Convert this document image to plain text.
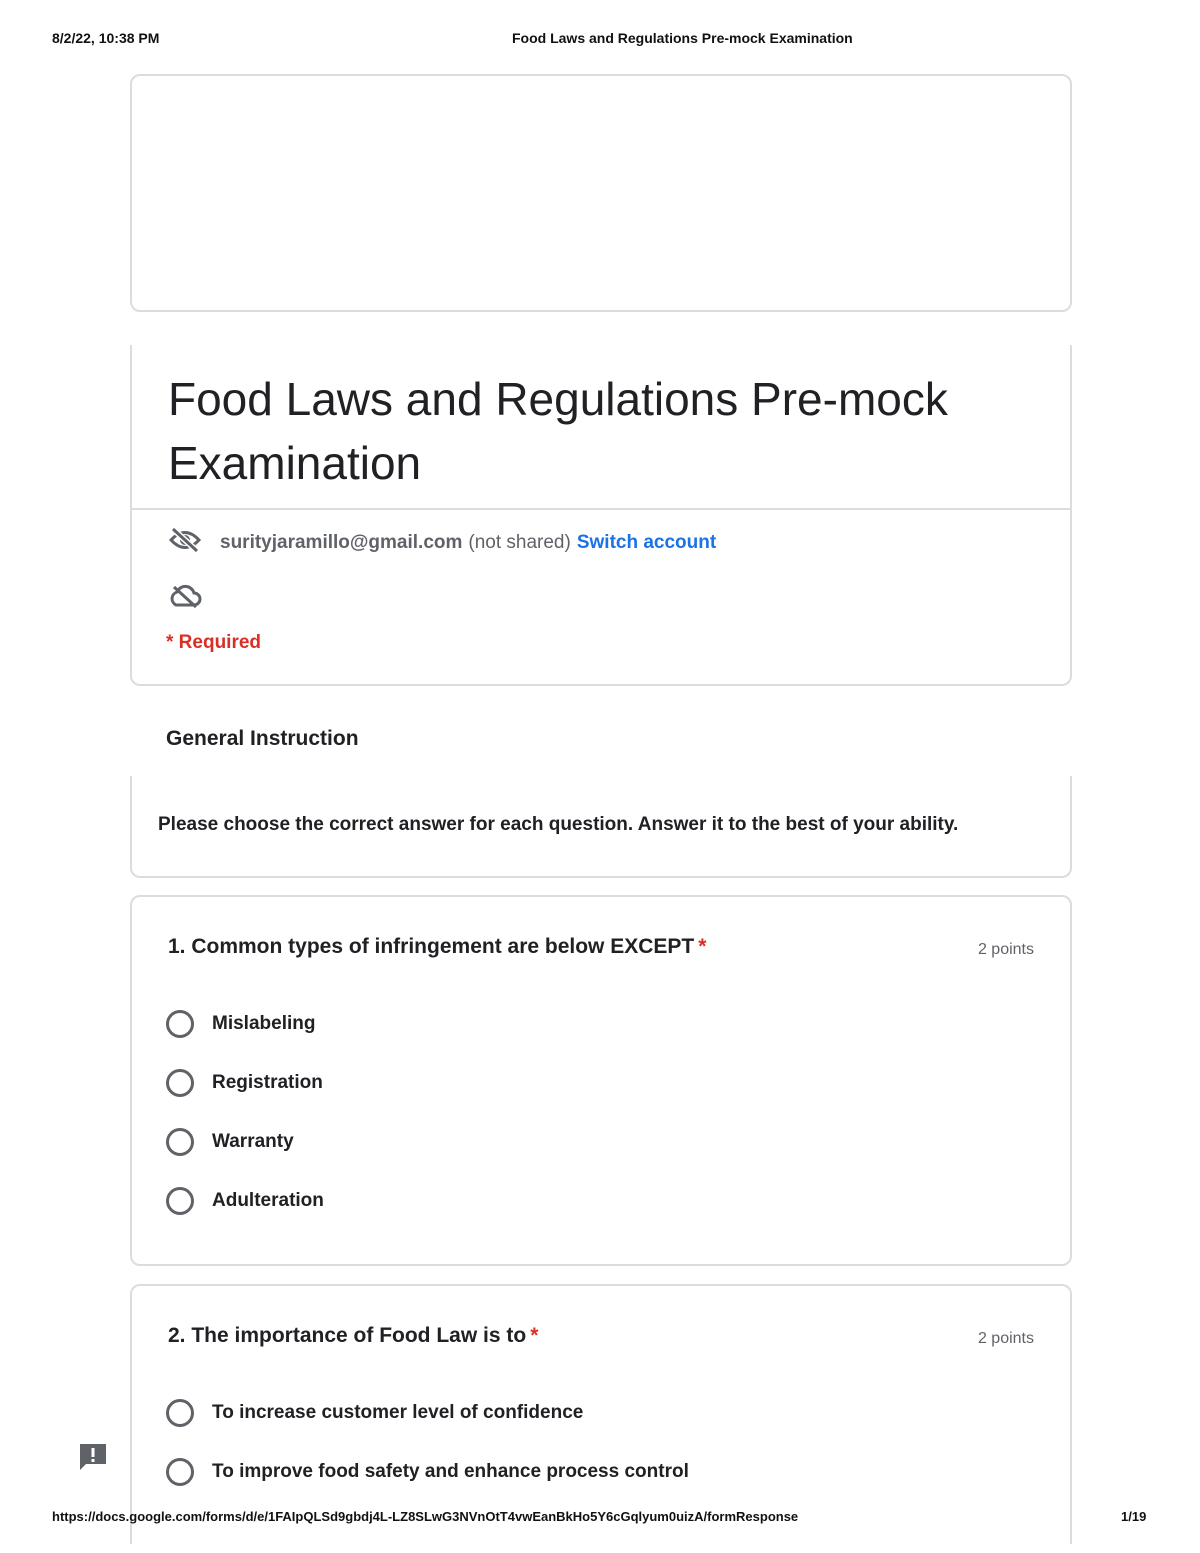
8/2/22, 10:38 PM	Food Laws and Regulations Pre-mock Examination
Food Laws and Regulations Pre-mock Examination
surityjaramillo@gmail.com (not shared) Switch account
* Required
General Instruction
Please choose the correct answer for each question. Answer it to the best of your ability.
1. Common types of infringement are below EXCEPT *	2 points
Mislabeling
Registration
Warranty
Adulteration
2. The importance of Food Law is to *	2 points
To increase customer level of confidence
To improve food safety and enhance process control
https://docs.google.com/forms/d/e/1FAIpQLSd9gbdj4L-LZ8SLwG3NVnOtT4vwEanBkHo5Y6cGqlyum0uizA/formResponse	1/19
